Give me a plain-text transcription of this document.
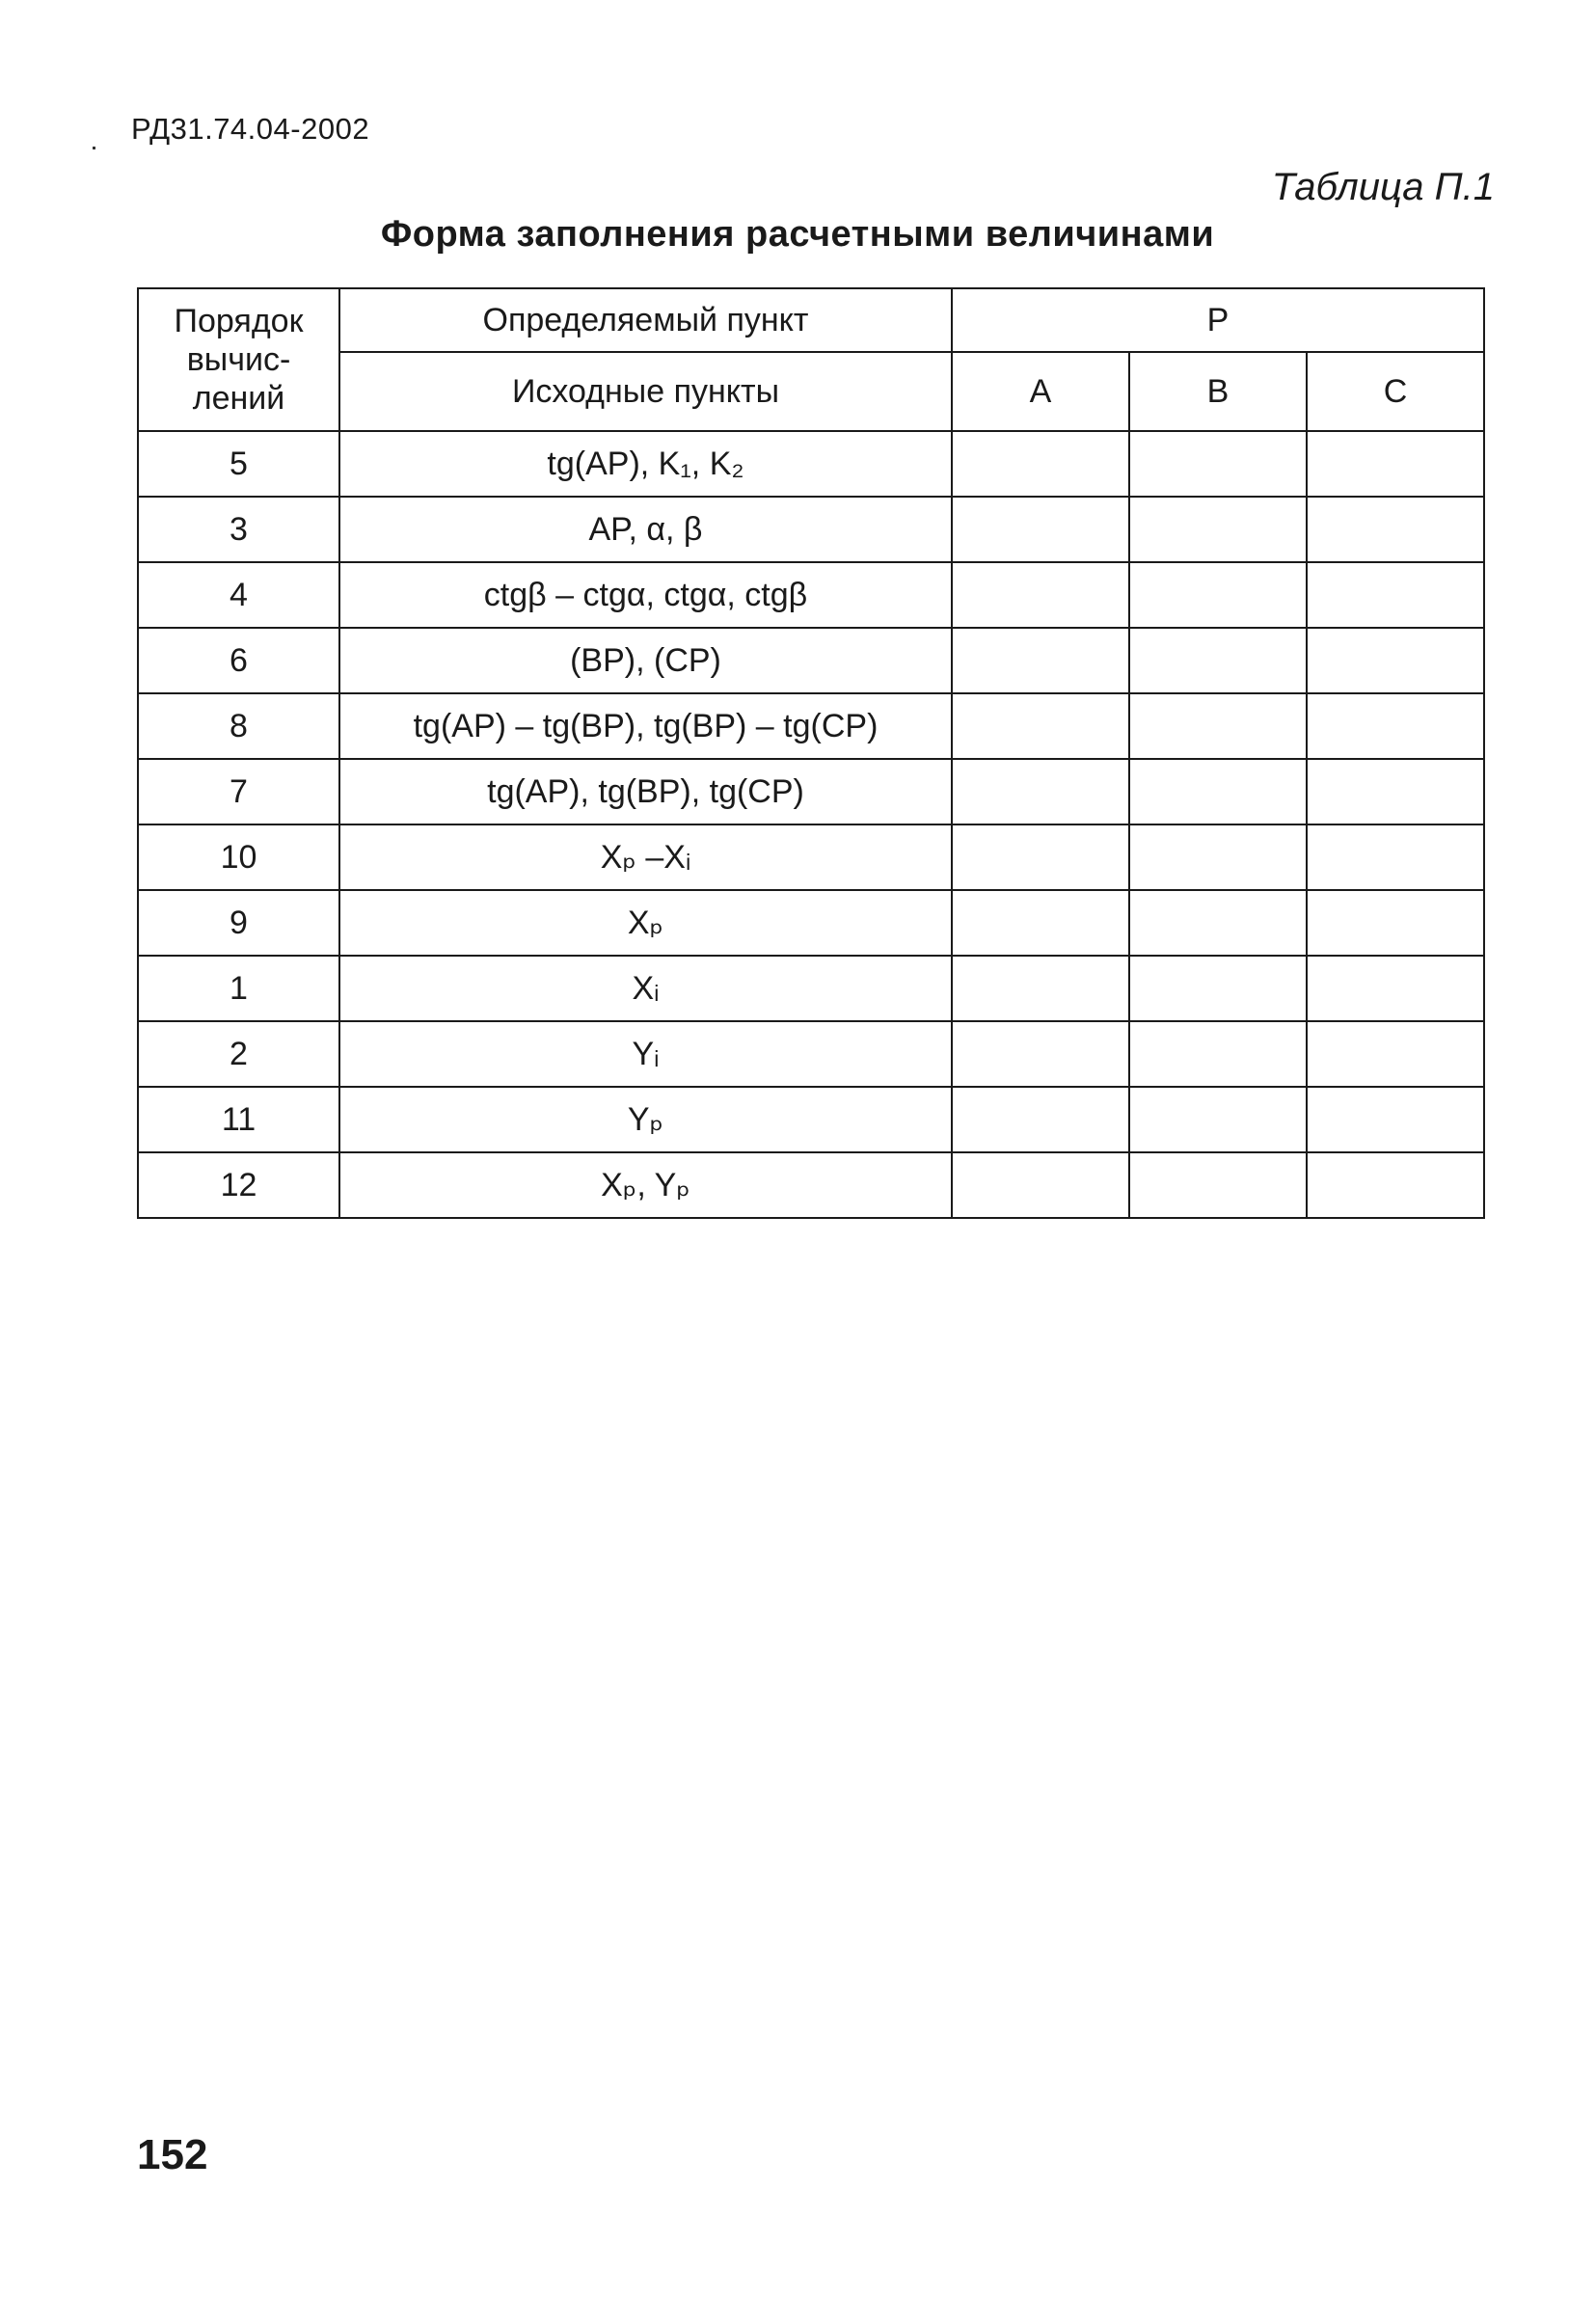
РД31.74.04-2002
Таблица П.1
Форма заполнения расчетными величинами
Порядок вычис- лений	Определяемый пункт	Р		
	Исходные пункты	А	В	С
5	tg(AP), K₁, K₂			
3	AP, α, β			
4	ctgβ – ctgα, ctgα, ctgβ			
6	(BP), (CP)			
8	tg(AP) – tg(BP), tg(BP) – tg(CP)			
7	tg(AP), tg(BP), tg(CP)			
10	Xₚ –Xᵢ			
9	Xₚ			
1	Xᵢ			
2	Yᵢ			
11	Yₚ			
12	Xₚ, Yₚ			
152
